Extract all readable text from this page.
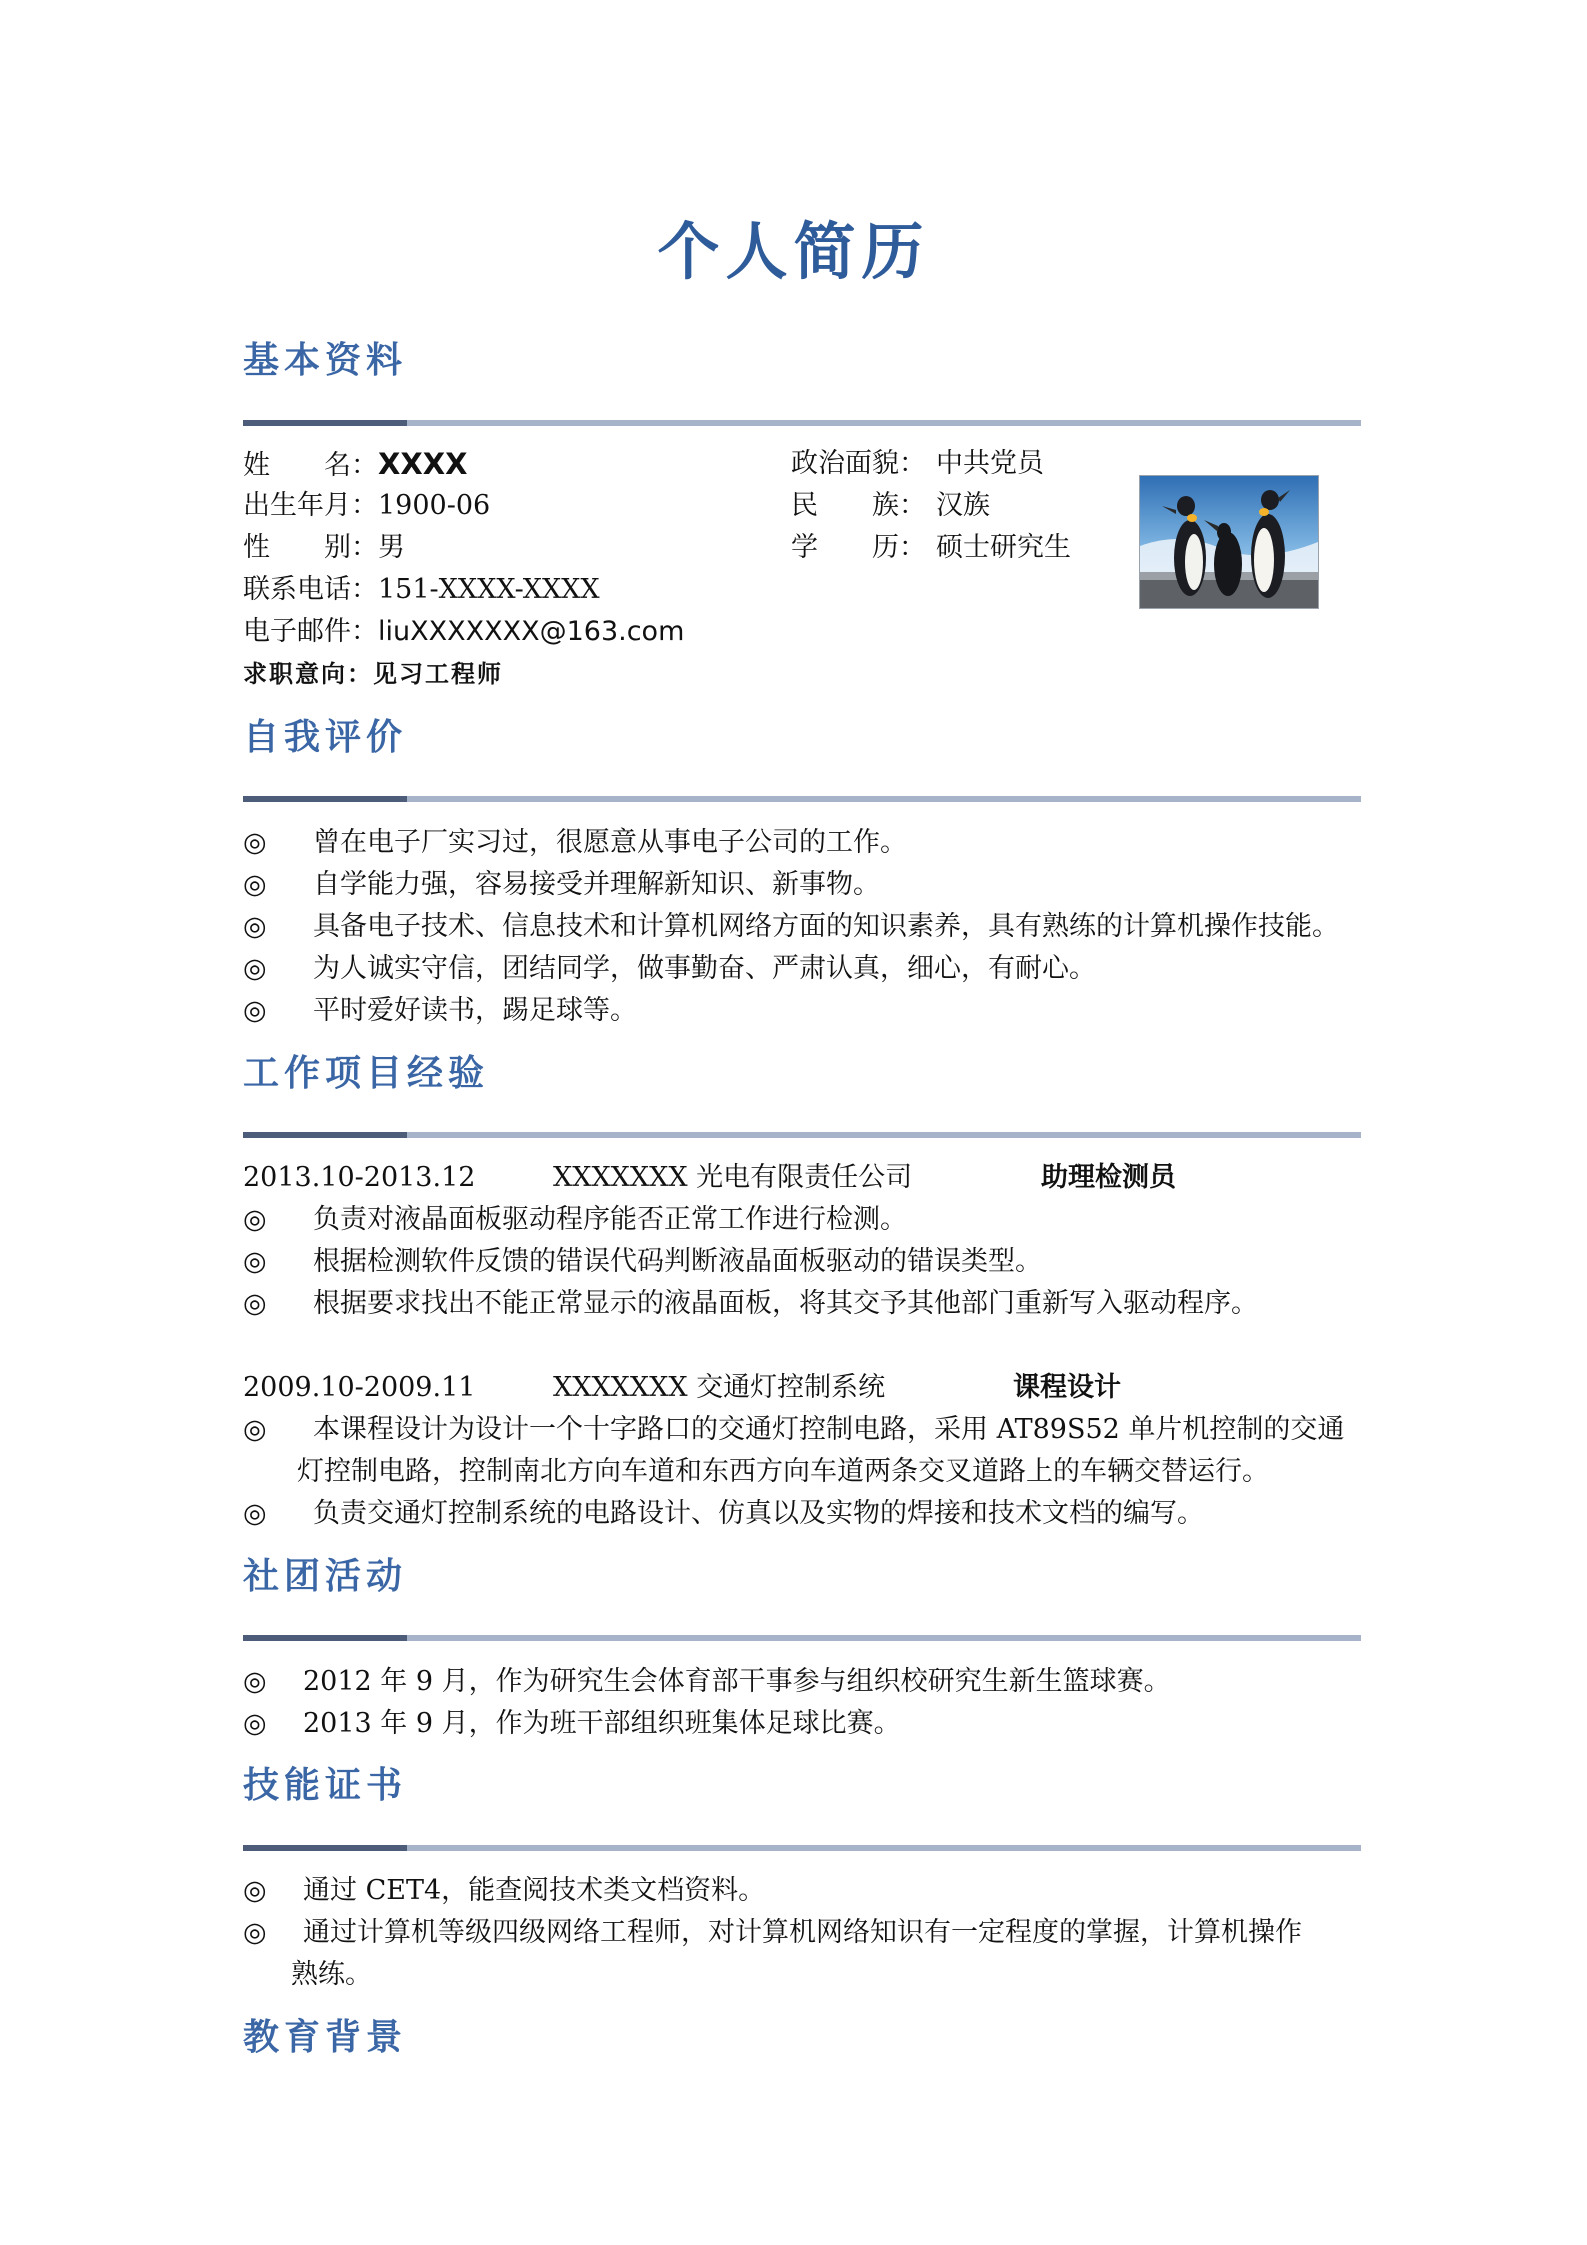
个人简历
基本资料
姓　　名：XXXX
出生年月：1900-06
性　　别：男
联系电话：151-XXXX-XXXX
电子邮件：liuXXXXXXX@163.com
求职意向：见习工程师
政治面貌： 中共党员
民　　族： 汉族
学　　历： 硕士研究生
自我评价
◎ 曾在电子厂实习过，很愿意从事电子公司的工作。
◎ 自学能力强，容易接受并理解新知识、新事物。
◎ 具备电子技术、信息技术和计算机网络方面的知识素养，具有熟练的计算机操作技能。
◎ 为人诚实守信，团结同学，做事勤奋、严肃认真，细心，有耐心。
◎ 平时爱好读书，踢足球等。
工作项目经验
2013.10-2013.12	XXXXXXX 光电有限责任公司	助理检测员
◎ 负责对液晶面板驱动程序能否正常工作进行检测。
◎ 根据检测软件反馈的错误代码判断液晶面板驱动的错误类型。
◎ 根据要求找出不能正常显示的液晶面板，将其交予其他部门重新写入驱动程序。
2009.10-2009.11	XXXXXXX 交通灯控制系统	课程设计
◎ 本课程设计为设计一个十字路口的交通灯控制电路，采用 AT89S52 单片机控制的交通
灯控制电路，控制南北方向车道和东西方向车道两条交叉道路上的车辆交替运行。
◎ 负责交通灯控制系统的电路设计、仿真以及实物的焊接和技术文档的编写。
社团活动
◎ 2012 年 9 月，作为研究生会体育部干事参与组织校研究生新生篮球赛。
◎ 2013 年 9 月，作为班干部组织班集体足球比赛。
技能证书
◎ 通过 CET4，能查阅技术类文档资料。
◎ 通过计算机等级四级网络工程师，对计算机网络知识有一定程度的掌握，计算机操作
熟练。
教育背景
